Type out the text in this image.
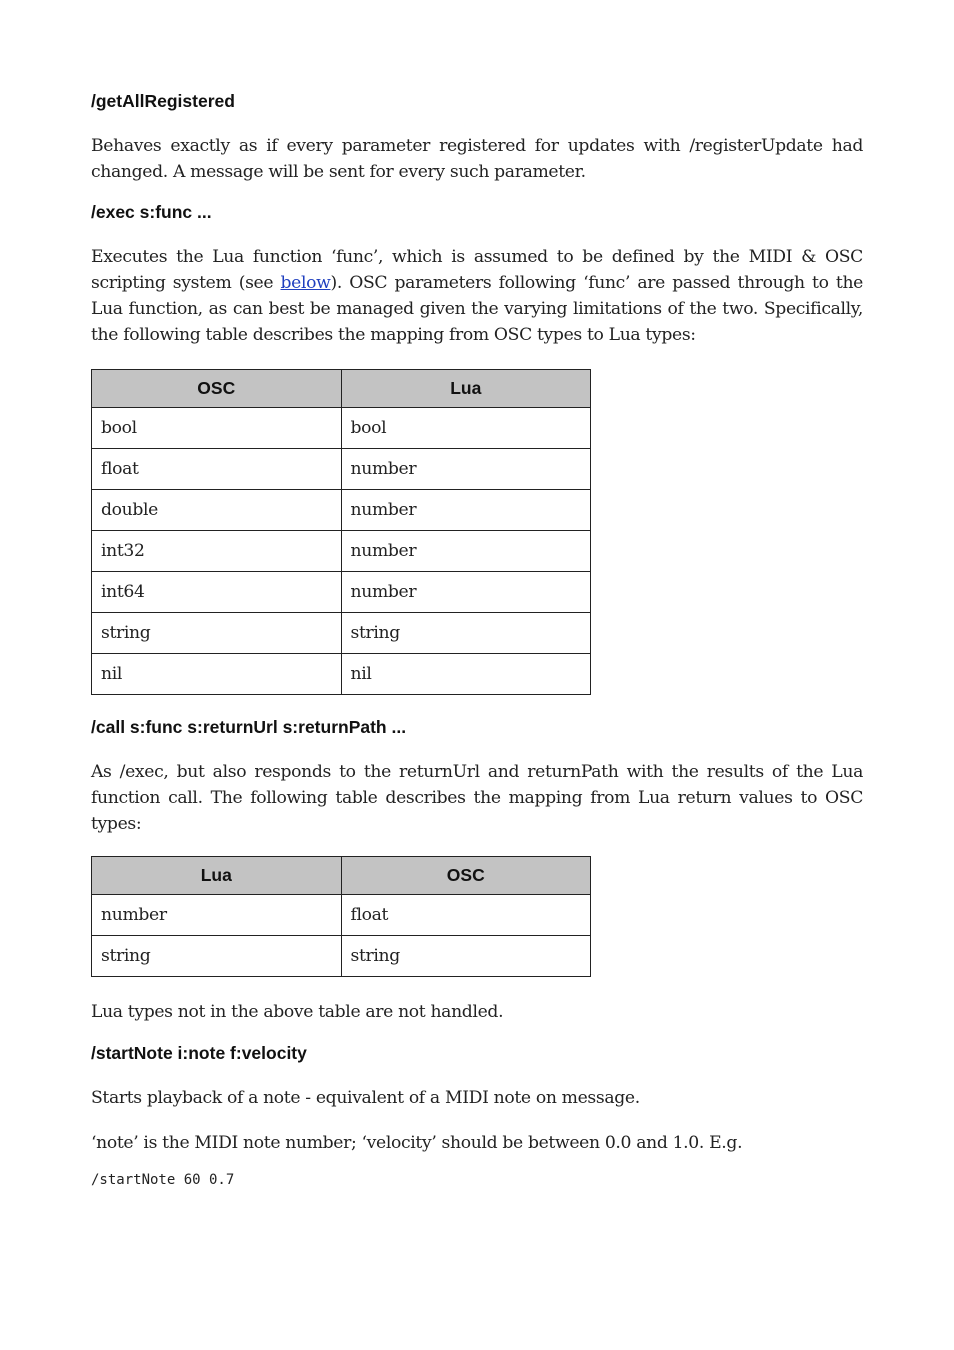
/getAllRegistered

Behaves exactly as if every parameter registered for updates with /registerUpdate had changed. A message will be sent for every such parameter.

/exec s:func ...

Executes the Lua function ‘func’, which is assumed to be defined by the MIDI & OSC scripting system (see below). OSC parameters following ‘func’ are passed through to the Lua function, as can best be managed given the varying limitations of the two. Specifically, the following table describes the mapping from OSC types to Lua types:

OSC	Lua
bool	bool
float	number
double	number
int32	number
int64	number
string	string
nil	nil
/call s:func s:returnUrl s:returnPath ...

As /exec, but also responds to the returnUrl and returnPath with the results of the Lua function call. The following table describes the mapping from Lua return values to OSC types:

Lua	OSC
number	float
string	string

Lua types not in the above table are not handled.

/startNote i:note f:velocity

Starts playback of a note - equivalent of a MIDI note on message.

‘note’ is the MIDI note number; ‘velocity’ should be between 0.0 and 1.0. E.g.

/startNote 60 0.7
